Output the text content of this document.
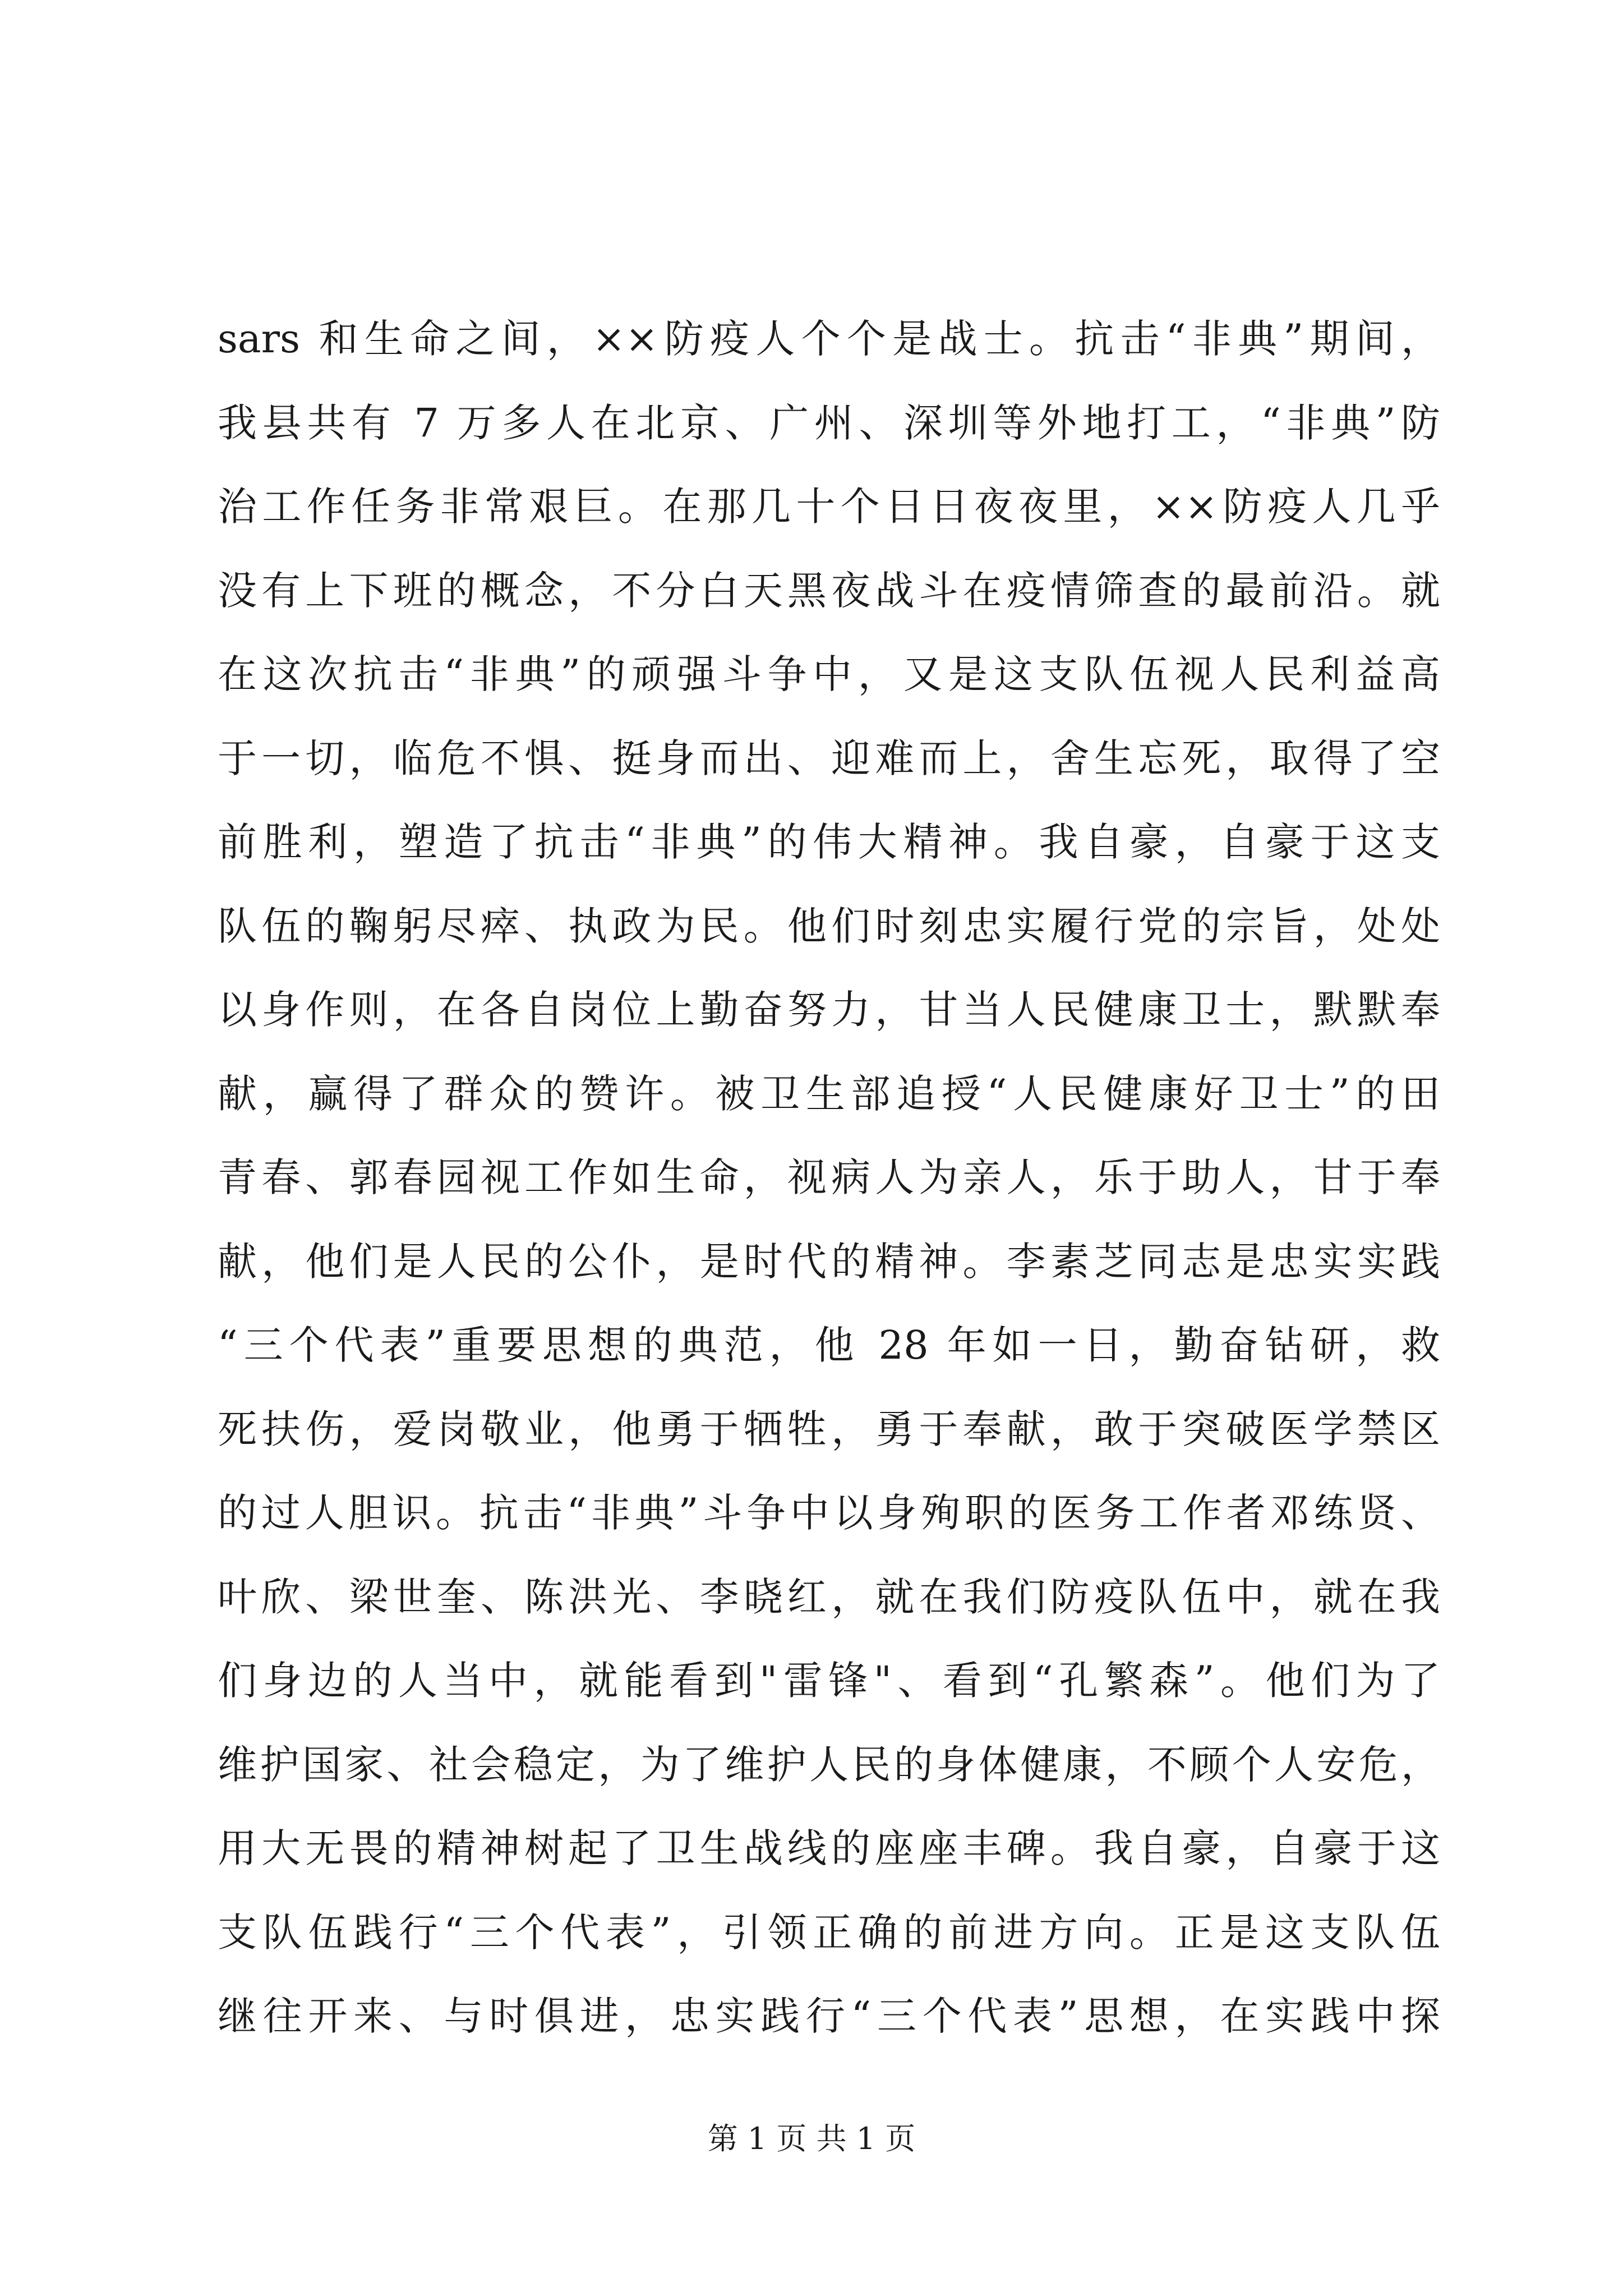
sars 和生命之间，××防疫人个个是战士。抗击“非典”期间，
我县共有 7 万多人在北京、广州、深圳等外地打工，“非典”防
治工作任务非常艰巨。在那几十个日日夜夜里，××防疫人几乎
没有上下班的概念，不分白天黑夜战斗在疫情筛查的最前沿。就
在这次抗击“非典”的顽强斗争中，又是这支队伍视人民利益高
于一切，临危不惧、挺身而出、迎难而上，舍生忘死，取得了空
前胜利，塑造了抗击“非典”的伟大精神。我自豪，自豪于这支
队伍的鞠躬尽瘁、执政为民。他们时刻忠实履行党的宗旨，处处
以身作则，在各自岗位上勤奋努力，甘当人民健康卫士，默默奉
献，赢得了群众的赞许。被卫生部追授“人民健康好卫士”的田
青春、郭春园视工作如生命，视病人为亲人，乐于助人，甘于奉
献，他们是人民的公仆，是时代的精神。李素芝同志是忠实实践
“三个代表”重要思想的典范，他 28 年如一日，勤奋钻研，救
死扶伤，爱岗敬业，他勇于牺牲，勇于奉献，敢于突破医学禁区
的过人胆识。抗击“非典”斗争中以身殉职的医务工作者邓练贤、
叶欣、梁世奎、陈洪光、李晓红，就在我们防疫队伍中，就在我
们身边的人当中，就能看到"雷锋"、看到“孔繁森”。他们为了
维护国家、社会稳定，为了维护人民的身体健康，不顾个人安危，
用大无畏的精神树起了卫生战线的座座丰碑。我自豪，自豪于这
支队伍践行“三个代表”，引领正确的前进方向。正是这支队伍
继往开来、与时俱进，忠实践行“三个代表”思想，在实践中探
第 1 页 共 1 页
